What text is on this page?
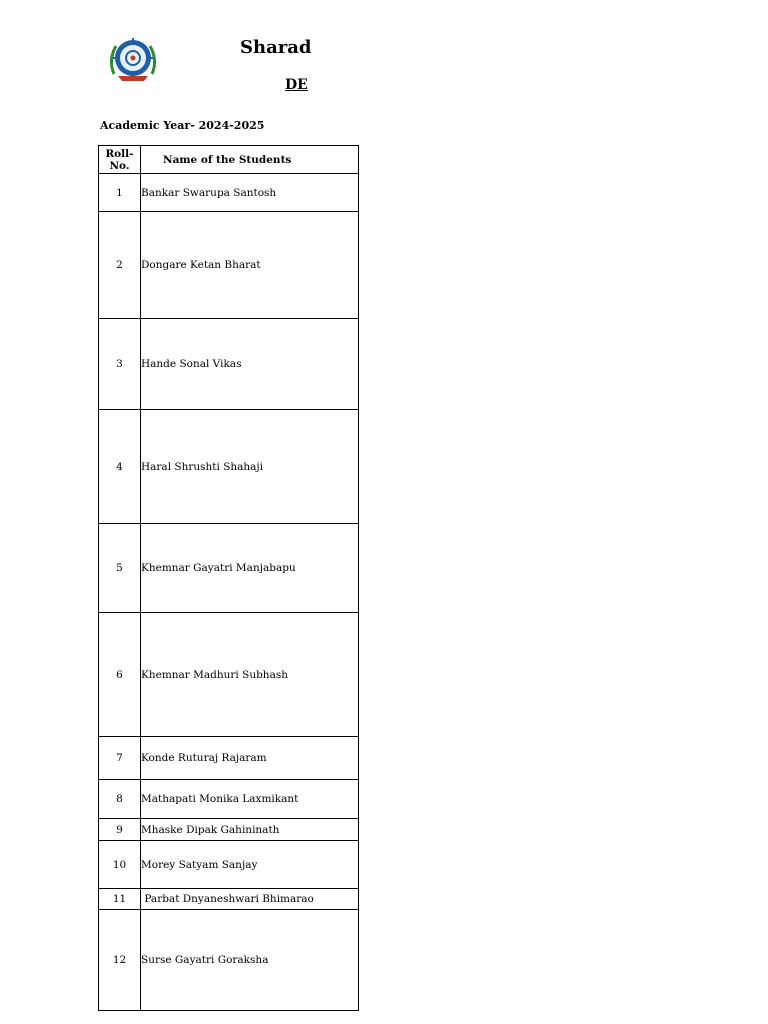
Sharad
DE
Academic Year- 2024-2025
Roll-
No.	Name of the Students
1	Bankar Swarupa Santosh
2	Dongare Ketan Bharat
3	Hande Sonal Vikas
4	Haral Shrushti Shahaji
5	Khemnar Gayatri Manjabapu
6	Khemnar Madhuri Subhash
7	Konde Ruturaj Rajaram
8	Mathapati Monika Laxmikant
9	Mhaske Dipak Gahininath
10	Morey Satyam Sanjay
11	Parbat Dnyaneshwari Bhimarao
12	Surse Gayatri Goraksha
